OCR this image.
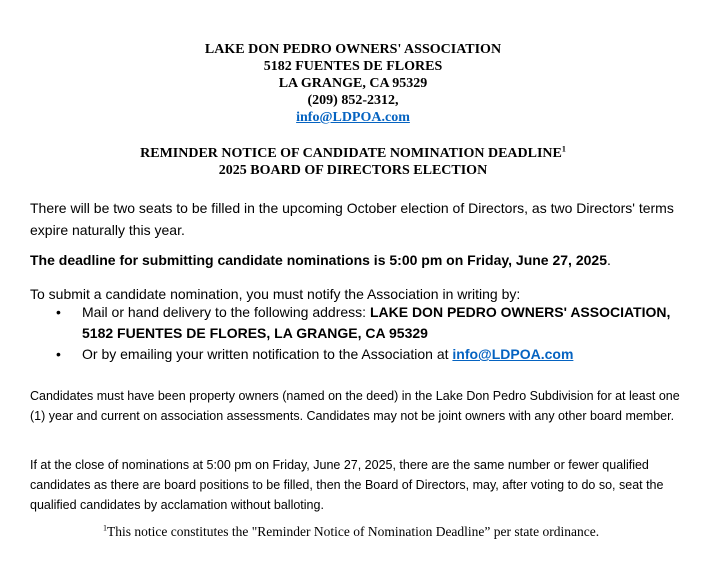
LAKE DON PEDRO OWNERS' ASSOCIATION
5182 FUENTES DE FLORES
LA GRANGE, CA 95329
(209) 852-2312,
info@LDPOA.com
REMINDER NOTICE OF CANDIDATE NOMINATION DEADLINE$^1$
2025 BOARD OF DIRECTORS ELECTION
There will be two seats to be filled in the upcoming October election of Directors, as two Directors' terms expire naturally this year.
The deadline for submitting candidate nominations is 5:00 pm on Friday, June 27, 2025.
To submit a candidate nomination, you must notify the Association in writing by:
• Mail or hand delivery to the following address: LAKE DON PEDRO OWNERS' ASSOCIATION, 5182 FUENTES DE FLORES, LA GRANGE, CA 95329
• Or by emailing your written notification to the Association at info@LDPOA.com
Candidates must have been property owners (named on the deed) in the Lake Don Pedro Subdivision for at least one (1) year and current on association assessments. Candidates may not be joint owners with any other board member.
If at the close of nominations at 5:00 pm on Friday, June 27, 2025, there are the same number or fewer qualified candidates as there are board positions to be filled, then the Board of Directors, may, after voting to do so, seat the qualified candidates by acclamation without balloting.
$^1$This notice constitutes the "Reminder Notice of Nomination Deadline” per state ordinance.
